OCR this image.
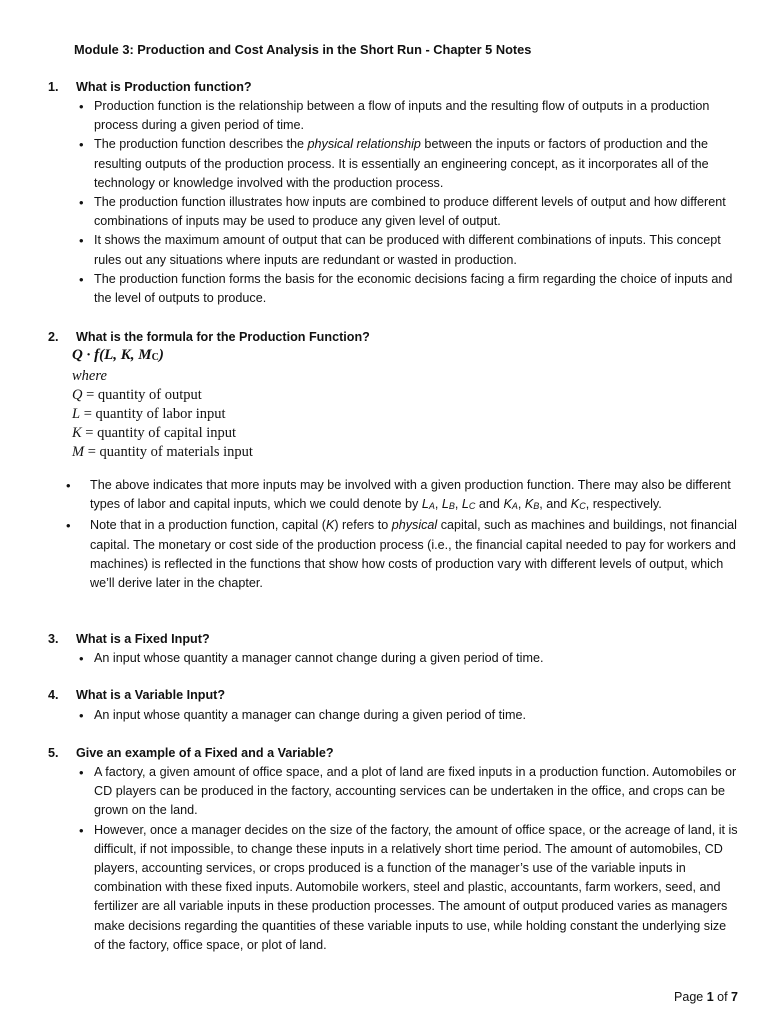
Module 3: Production and Cost Analysis in the Short Run - Chapter 5 Notes
1. What is Production function?
• Production function is the relationship between a flow of inputs and the resulting flow of outputs in a production process during a given period of time.
• The production function describes the physical relationship between the inputs or factors of production and the resulting outputs of the production process. It is essentially an engineering concept, as it incorporates all of the technology or knowledge involved with the production process.
• The production function illustrates how inputs are combined to produce different levels of output and how different combinations of inputs may be used to produce any given level of output.
• It shows the maximum amount of output that can be produced with different combinations of inputs. This concept rules out any situations where inputs are redundant or wasted in production.
• The production function forms the basis for the economic decisions facing a firm regarding the choice of inputs and the level of outputs to produce.
2. What is the formula for the Production Function?
Q · f(L, K, $M_C$)
where
Q = quantity of output
L = quantity of labor input
K = quantity of capital input
M = quantity of materials input
• The above indicates that more inputs may be involved with a given production function. There may also be different types of labor and capital inputs, which we could denote by $L_A$, $L_B$, $L_C$ and $K_A$, $K_B$, and $K_C$, respectively.
• Note that in a production function, capital (K) refers to physical capital, such as machines and buildings, not financial capital. The monetary or cost side of the production process (i.e., the financial capital needed to pay for workers and machines) is reflected in the functions that show how costs of production vary with different levels of output, which we’ll derive later in the chapter.
3. What is a Fixed Input?
• An input whose quantity a manager cannot change during a given period of time.
4. What is a Variable Input?
• An input whose quantity a manager can change during a given period of time.
5. Give an example of a Fixed and a Variable?
• A factory, a given amount of office space, and a plot of land are fixed inputs in a production function. Automobiles or CD players can be produced in the factory, accounting services can be undertaken in the office, and crops can be grown on the land.
• However, once a manager decides on the size of the factory, the amount of office space, or the acreage of land, it is difficult, if not impossible, to change these inputs in a relatively short time period. The amount of automobiles, CD players, accounting services, or crops produced is a function of the manager’s use of the variable inputs in combination with these fixed inputs. Automobile workers, steel and plastic, accountants, farm workers, seed, and fertilizer are all variable inputs in these production processes. The amount of output produced varies as managers make decisions regarding the quantities of these variable inputs to use, while holding constant the underlying size of the factory, office space, or plot of land.
Page 1 of 7
